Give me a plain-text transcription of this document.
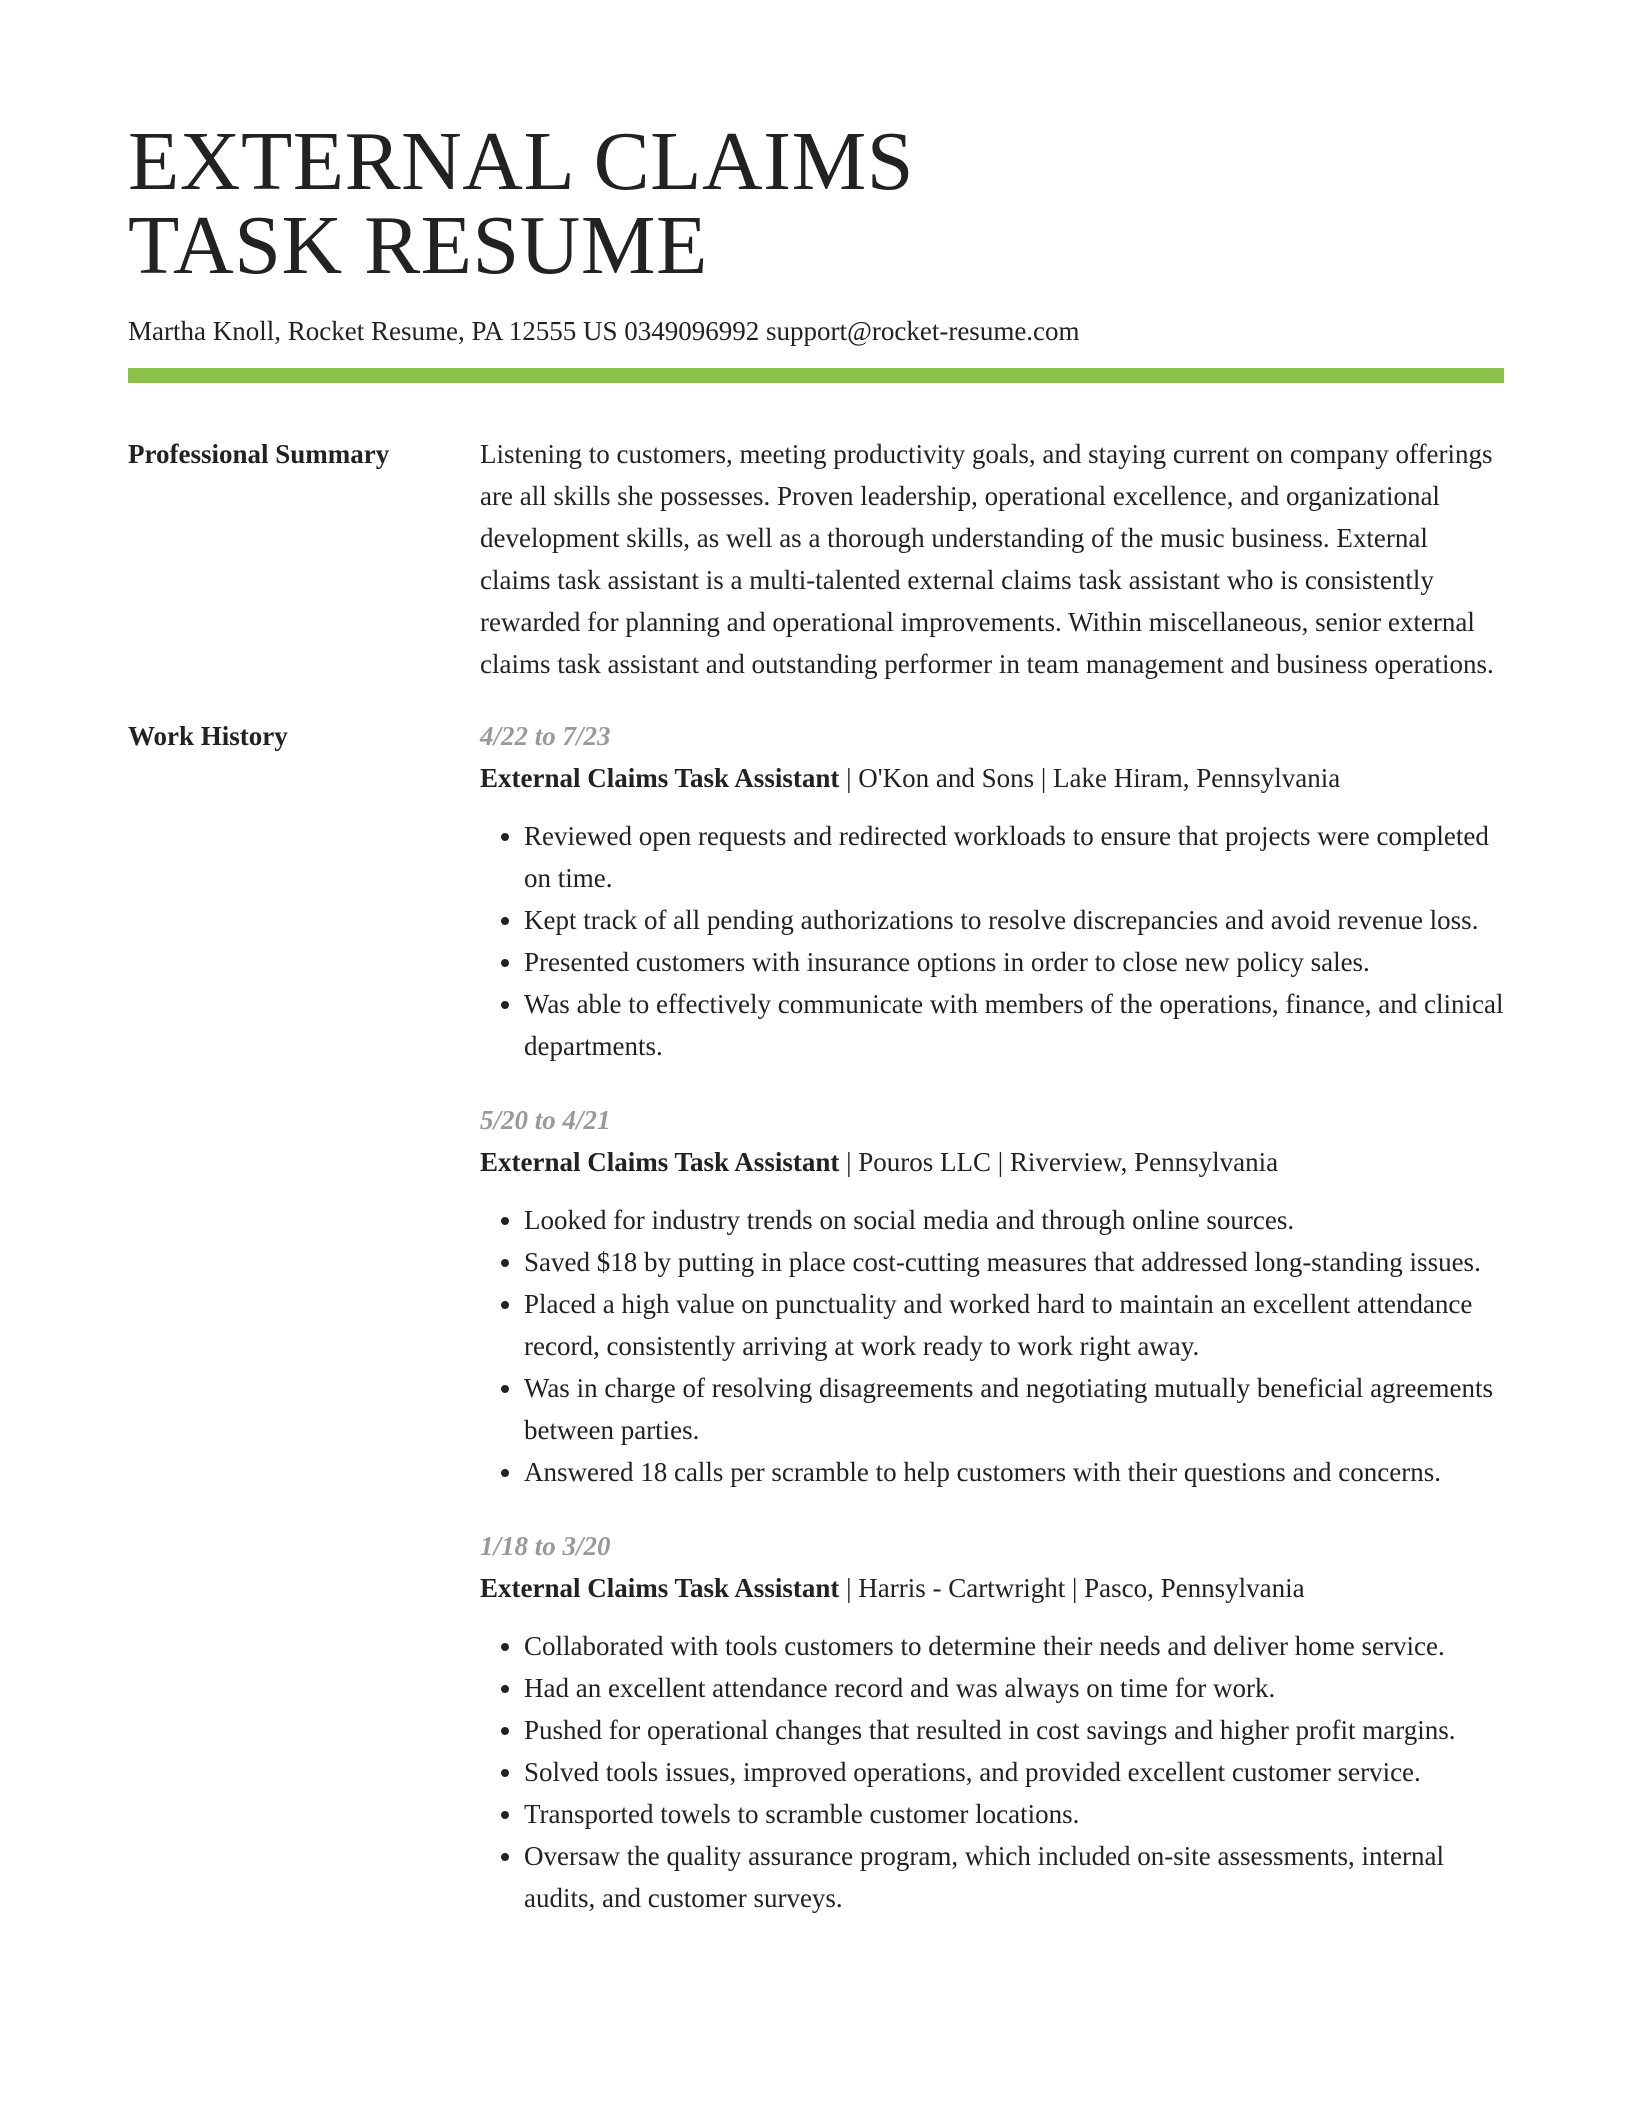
EXTERNAL CLAIMS
TASK RESUME
Martha Knoll, Rocket Resume, PA 12555 US 0349096992 support@rocket-resume.com
Professional Summary	Listening to customers, meeting productivity goals, and staying current on company offerings are all skills she possesses. Proven leadership, operational excellence, and organizational development skills, as well as a thorough understanding of the music business. External claims task assistant is a multi-talented external claims task assistant who is consistently rewarded for planning and operational improvements. Within miscellaneous, senior external claims task assistant and outstanding performer in team management and business operations.

Work History	4/22 to 7/23
External Claims Task Assistant | O'Kon and Sons | Lake Hiram, Pennsylvania
• Reviewed open requests and redirected workloads to ensure that projects were completed on time.
• Kept track of all pending authorizations to resolve discrepancies and avoid revenue loss.
• Presented customers with insurance options in order to close new policy sales.
• Was able to effectively communicate with members of the operations, finance, and clinical departments.
5/20 to 4/21
External Claims Task Assistant | Pouros LLC | Riverview, Pennsylvania
• Looked for industry trends on social media and through online sources.
• Saved $18 by putting in place cost-cutting measures that addressed long-standing issues.
• Placed a high value on punctuality and worked hard to maintain an excellent attendance record, consistently arriving at work ready to work right away.
• Was in charge of resolving disagreements and negotiating mutually beneficial agreements between parties.
• Answered 18 calls per scramble to help customers with their questions and concerns.
1/18 to 3/20
External Claims Task Assistant | Harris - Cartwright | Pasco, Pennsylvania
• Collaborated with tools customers to determine their needs and deliver home service.
• Had an excellent attendance record and was always on time for work.
• Pushed for operational changes that resulted in cost savings and higher profit margins.
• Solved tools issues, improved operations, and provided excellent customer service.
• Transported towels to scramble customer locations.
• Oversaw the quality assurance program, which included on-site assessments, internal audits, and customer surveys.
